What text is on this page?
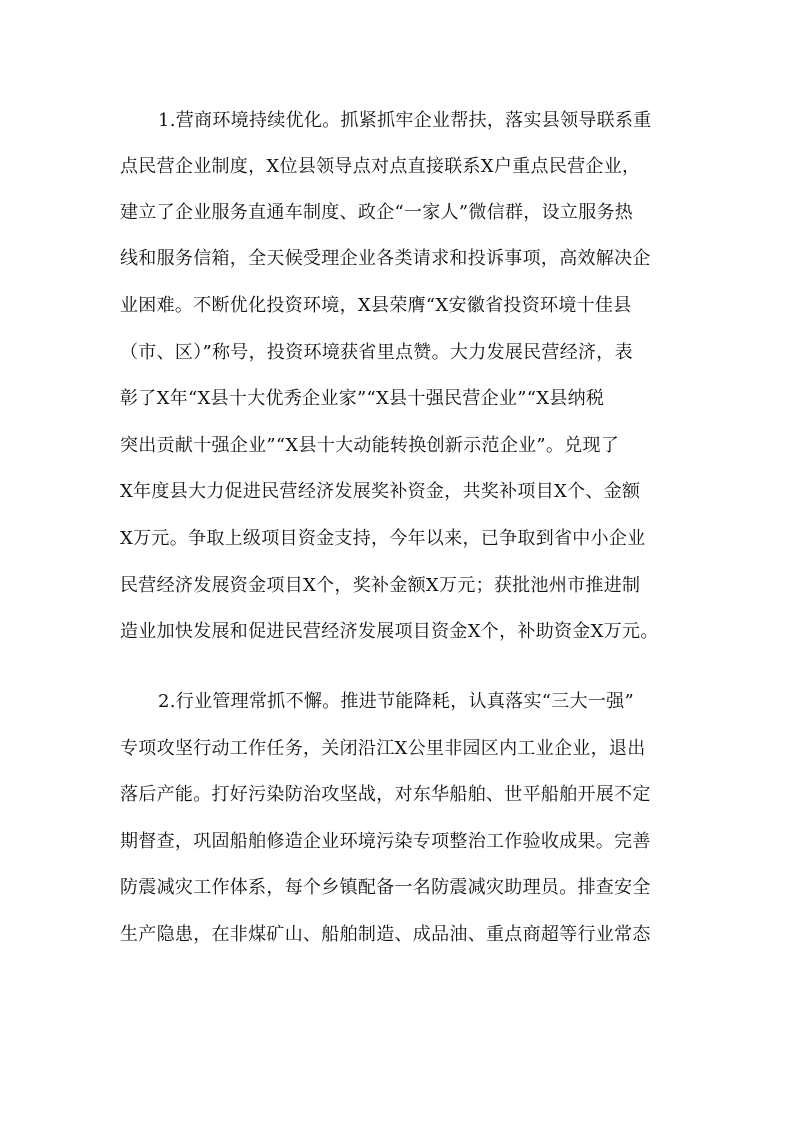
1.营商环境持续优化。抓紧抓牢企业帮扶，落实县领导联系重
点民营企业制度，X位县领导点对点直接联系X户重点民营企业，
建立了企业服务直通车制度、政企“一家人”微信群，设立服务热
线和服务信箱，全天候受理企业各类请求和投诉事项，高效解决企
业困难。不断优化投资环境，X县荣膺“X安徽省投资环境十佳县
（市、区）”称号，投资环境获省里点赞。大力发展民营经济，表
彰了X年“X县十大优秀企业家”“X县十强民营企业”“X县纳税
突出贡献十强企业”“X县十大动能转换创新示范企业”。兑现了
X年度县大力促进民营经济发展奖补资金，共奖补项目X个、金额
X万元。争取上级项目资金支持，今年以来，已争取到省中小企业
民营经济发展资金项目X个，奖补金额X万元；获批池州市推进制
造业加快发展和促进民营经济发展项目资金X个，补助资金X万元。
2.行业管理常抓不懈。推进节能降耗，认真落实“三大一强”
专项攻坚行动工作任务，关闭沿江X公里非园区内工业企业，退出
落后产能。打好污染防治攻坚战，对东华船舶、世平船舶开展不定
期督查，巩固船舶修造企业环境污染专项整治工作验收成果。完善
防震减灾工作体系，每个乡镇配备一名防震减灾助理员。排查安全
生产隐患，在非煤矿山、船舶制造、成品油、重点商超等行业常态
